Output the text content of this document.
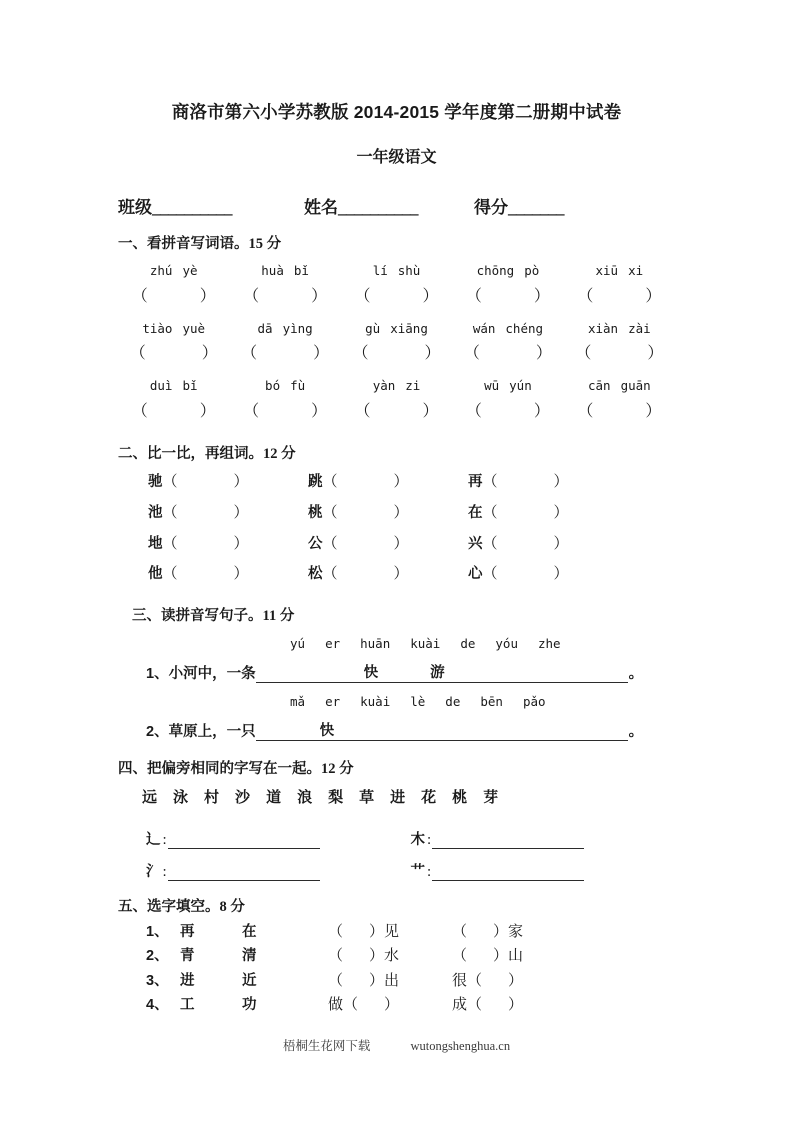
商洛市第六小学苏教版 2014-2015 学年度第二册期中试卷
一年级语文
班级__________	姓名__________	得分_______
一、看拼音写词语。15 分
zhú yè	huà bǐ	lí shù	chōng pò	xiū xi
（	）	（	）	（	）	（	）	（	）
tiào yuè	dā yìng	gù xiāng	wán chéng	xiàn zài
（	）	（	）	（	）	（	）	（	）
duì bǐ	bó fù	yàn zi	wū yún	cān guān
（	）	（	）	（	）	（	）	（	）
二、比一比，再组词。12 分
驰（	）	跳（	）	再（	）
池（	）	桃（	）	在（	）
地（	）	公（	）	兴（	）
他（	）	松（	）	心（	）
三、读拼音写句子。11 分
yú er huān kuài de yóu zhe
1、 小河中，一条	快	游	。
mǎ er kuài lè de bēn pǎo
2、 草原上，一只	快	。
四、把偏旁相同的字写在一起。12 分
远 泳 村 沙 道 浪 梨 草 进 花 桃 芽
辶 :	木 :
氵 :	艹 :
五、选字填空。8 分
1、 再	在	（ ）见	（ ）家
2、 青	清	（ ）水	（ ）山
3、 进	近	（ ）出	很（ ）
4、 工	功	做（ ）	成（ ）
梧桐生花网下载	wutongshenghua.cn
